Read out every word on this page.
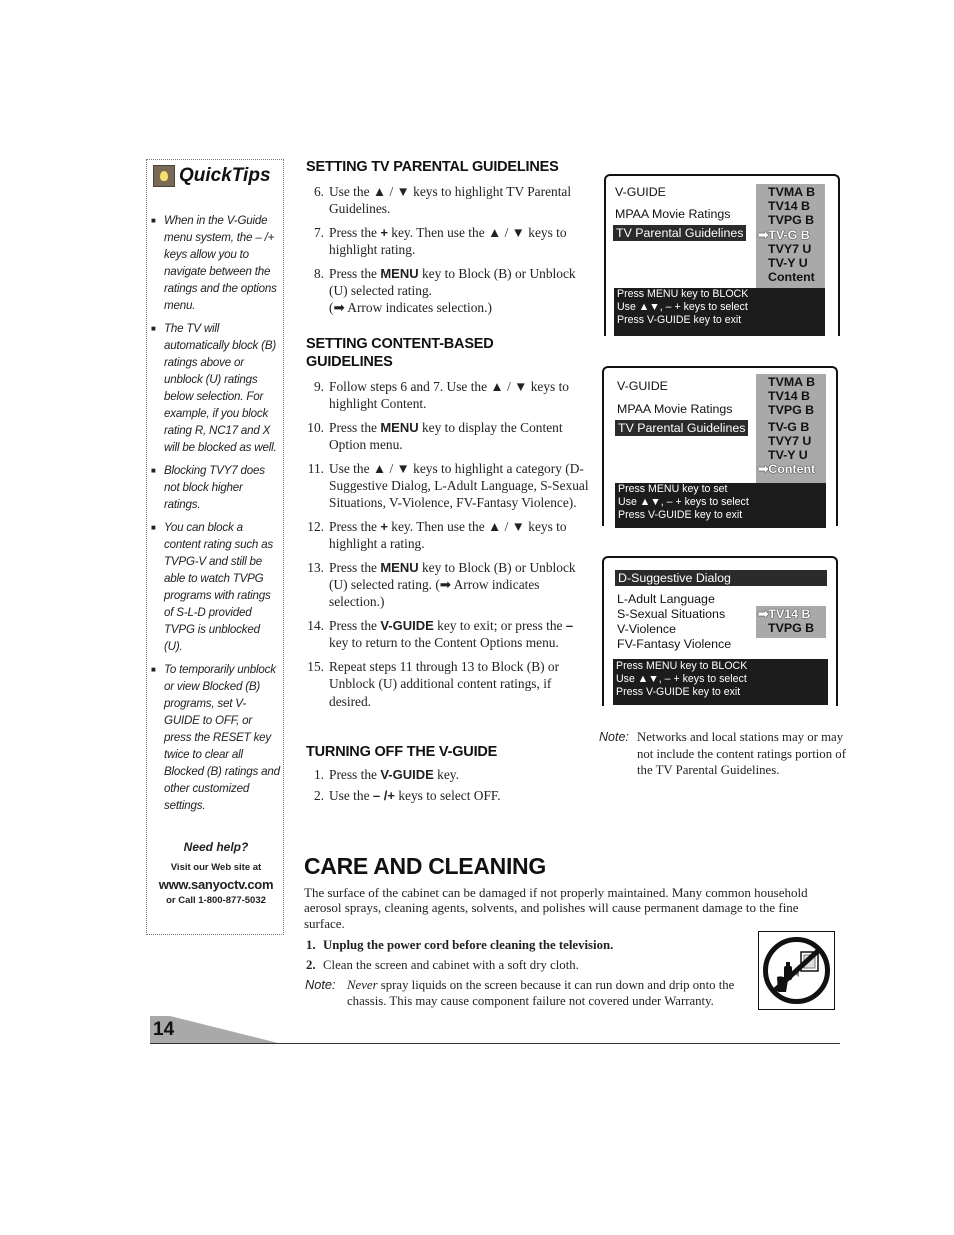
QuickTips
■ When in the V-Guide menu system, the – /+ keys allow you to navigate between the ratings and the options menu.
■ The TV will automatically block (B) ratings above or unblock (U) ratings below selection. For example, if you block rating R, NC17 and X will be blocked as well.
■ Blocking TVY7 does not block higher ratings.
■ You can block a content rating such as TVPG-V and still be able to watch TVPG programs with ratings of S-L-D provided TVPG is unblocked (U).
■ To temporarily unblock or view Blocked (B) programs, set V-GUIDE to OFF, or press the RESET key twice to clear all Blocked (B) ratings and other customized settings.
Need help?
Visit our Web site at
www.sanyoctv.com
or Call 1-800-877-5032
SETTING TV PARENTAL GUIDELINES
6. Use the ▲ / ▼ keys to highlight TV Parental Guidelines.
7. Press the + key. Then use the ▲ / ▼ keys to highlight rating.
8. Press the MENU key to Block (B) or Unblock (U) selected rating.
(➡ Arrow indicates selection.)
SETTING CONTENT-BASED
GUIDELINES
9. Follow steps 6 and 7. Use the ▲ / ▼ keys to highlight Content.
10. Press the MENU key to display the Content Option menu.
11. Use the ▲ / ▼ keys to highlight a category (D-Suggestive Dialog, L-Adult Language, S-Sexual Situations, V-Violence, FV-Fantasy Violence).
12. Press the + key. Then use the ▲ / ▼ keys to highlight a rating.
13. Press the MENU key to Block (B) or Unblock (U) selected rating. (➡ Arrow indicates selection.)
14. Press the V-GUIDE key to exit; or press the – key to return to the Content Options menu.
15. Repeat steps 11 through 13 to Block (B) or Unblock (U) additional content ratings, if desired.
TURNING OFF THE V-GUIDE
1. Press the V-GUIDE key.
2. Use the – /+ keys to select OFF.
V-GUIDE
MPAA Movie Ratings
TV Parental Guidelines
TVMA B
TV14 B
TVPG B
➡TV-G B
TVY7 U
TV-Y U
Content
Press MENU key to BLOCK
Use ▲▼, – + keys to select
Press V-GUIDE key to exit
V-GUIDE
MPAA Movie Ratings
TV Parental Guidelines
TVMA B
TV14 B
TVPG B
TV-G B
TVY7 U
TV-Y U
➡Content
Press MENU key to set
Use ▲▼, – + keys to select
Press V-GUIDE key to exit
D-Suggestive Dialog
L-Adult Language
S-Sexual Situations
V-Violence
FV-Fantasy Violence
➡TV14 B
TVPG B
Press MENU key to BLOCK
Use ▲▼, – + keys to select
Press V-GUIDE key to exit
Note: Networks and local stations may or may not include the content ratings portion of the TV Parental Guidelines.
CARE AND CLEANING

The surface of the cabinet can be damaged if not properly maintained. Many common household aerosol sprays, cleaning agents, solvents, and polishes will cause permanent damage to the fine surface.

1. Unplug the power cord before cleaning the television.
2. Clean the screen and cabinet with a soft dry cloth.
Note: Never spray liquids on the screen because it can run down and drip onto the chassis. This may cause component failure not covered under Warranty.
14
